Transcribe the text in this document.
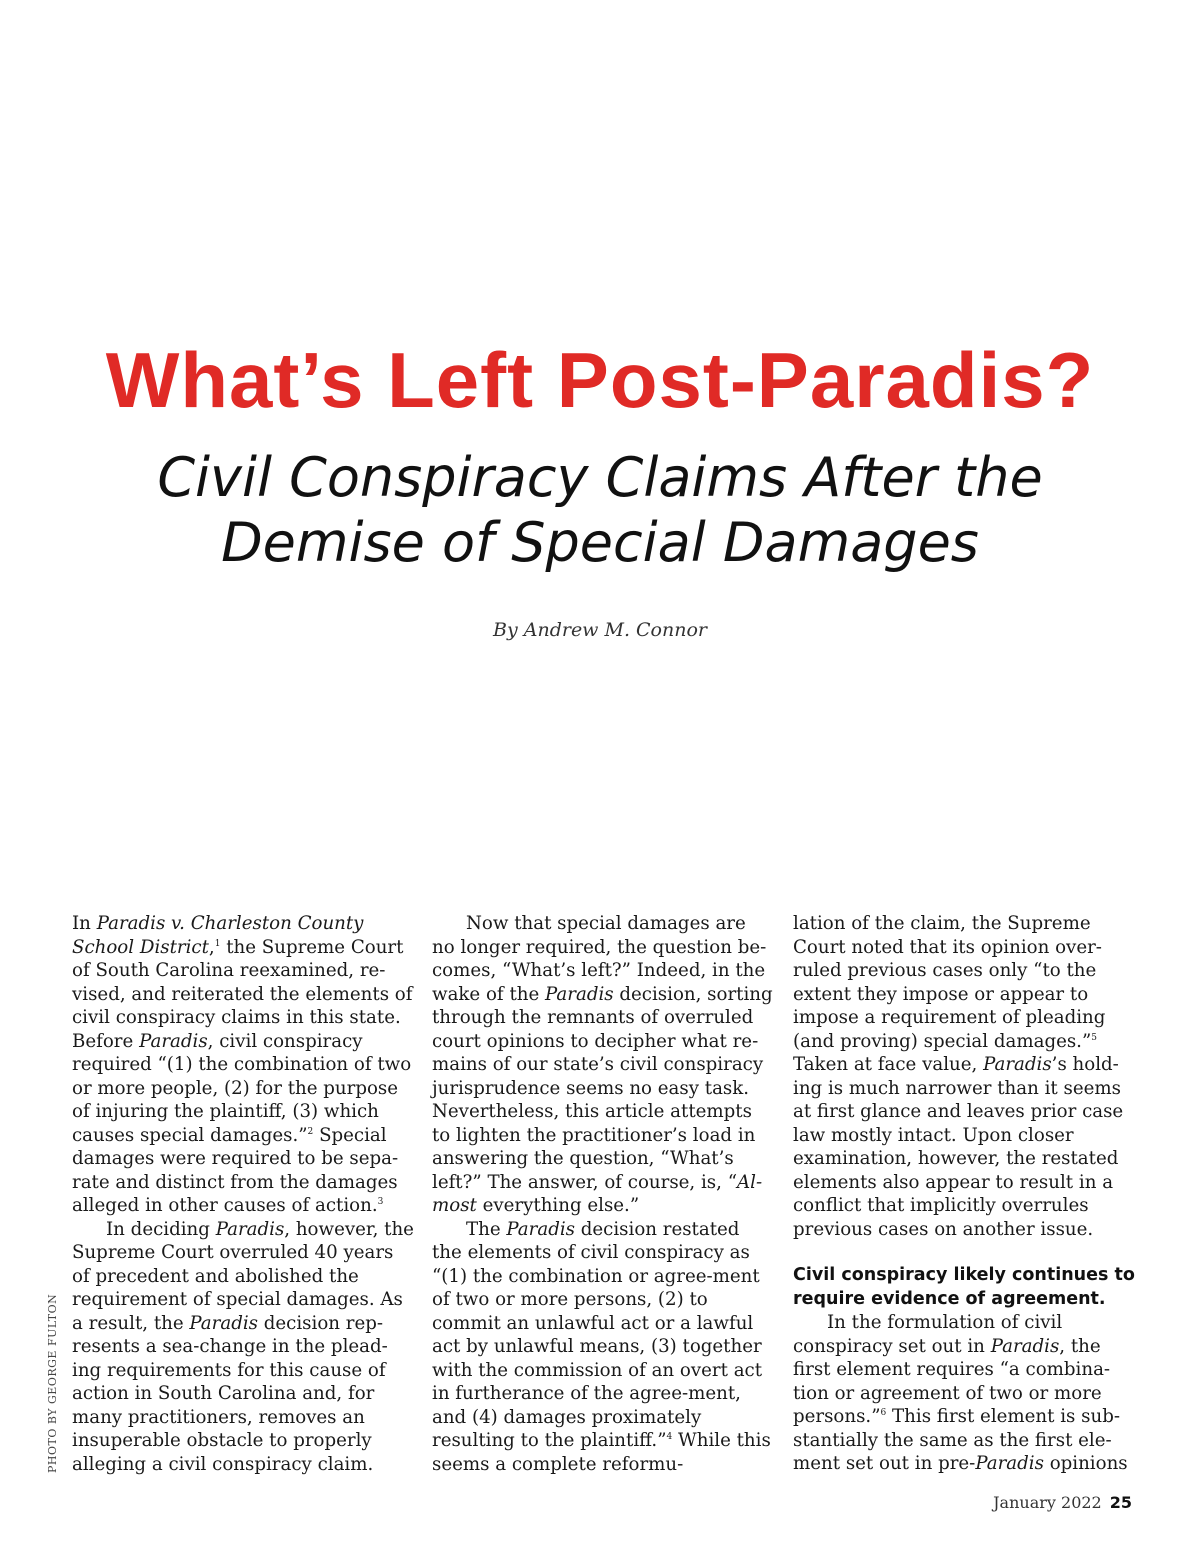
What’s Left Post-Paradis?
Civil Conspiracy Claims After the
Demise of Special Damages
By Andrew M. Connor
PHOTO BY GEORGE FULTON

In Paradis v. Charleston County School District,$^1$ the Supreme Court of South Carolina reexamined, re-vised, and reiterated the elements of civil conspiracy claims in this state. Before Paradis, civil conspiracy required “(1) the combination of two or more people, (2) for the purpose of injuring the plaintiff, (3) which causes special damages.”$^2$ Special damages were required to be sepa-rate and distinct from the damages alleged in other causes of action.$^3$

In deciding Paradis, however, the Supreme Court overruled 40 years of precedent and abolished the requirement of special damages. As a result, the Paradis decision rep-resents a sea-change in the plead-ing requirements for this cause of action in South Carolina and, for many practitioners, removes an insuperable obstacle to properly alleging a civil conspiracy claim.

Now that special damages are no longer required, the question be-comes, “What’s left?” Indeed, in the wake of the Paradis decision, sorting through the remnants of overruled court opinions to decipher what re-mains of our state’s civil conspiracy jurisprudence seems no easy task. Nevertheless, this article attempts to lighten the practitioner’s load in answering the question, “What’s left?” The answer, of course, is, “Al-most everything else.”

The Paradis decision restated the elements of civil conspiracy as “(1) the combination or agree-ment of two or more persons, (2) to commit an unlawful act or a lawful act by unlawful means, (3) together with the commission of an overt act in furtherance of the agree-ment, and (4) damages proximately resulting to the plaintiff.”$^4$ While this seems a complete reformu-

lation of the claim, the Supreme Court noted that its opinion over-ruled previous cases only “to the extent they impose or appear to impose a requirement of pleading (and proving) special damages.”$^5$ Taken at face value, Paradis’s hold-ing is much narrower than it seems at first glance and leaves prior case law mostly intact. Upon closer examination, however, the restated elements also appear to result in a conflict that implicitly overrules previous cases on another issue.

Civil conspiracy likely continues to require evidence of agreement.

In the formulation of civil conspiracy set out in Paradis, the first element requires “a combina-tion or agreement of two or more persons.”$^6$ This first element is sub-stantially the same as the first ele-ment set out in pre-Paradis opinions

January 2022 25
